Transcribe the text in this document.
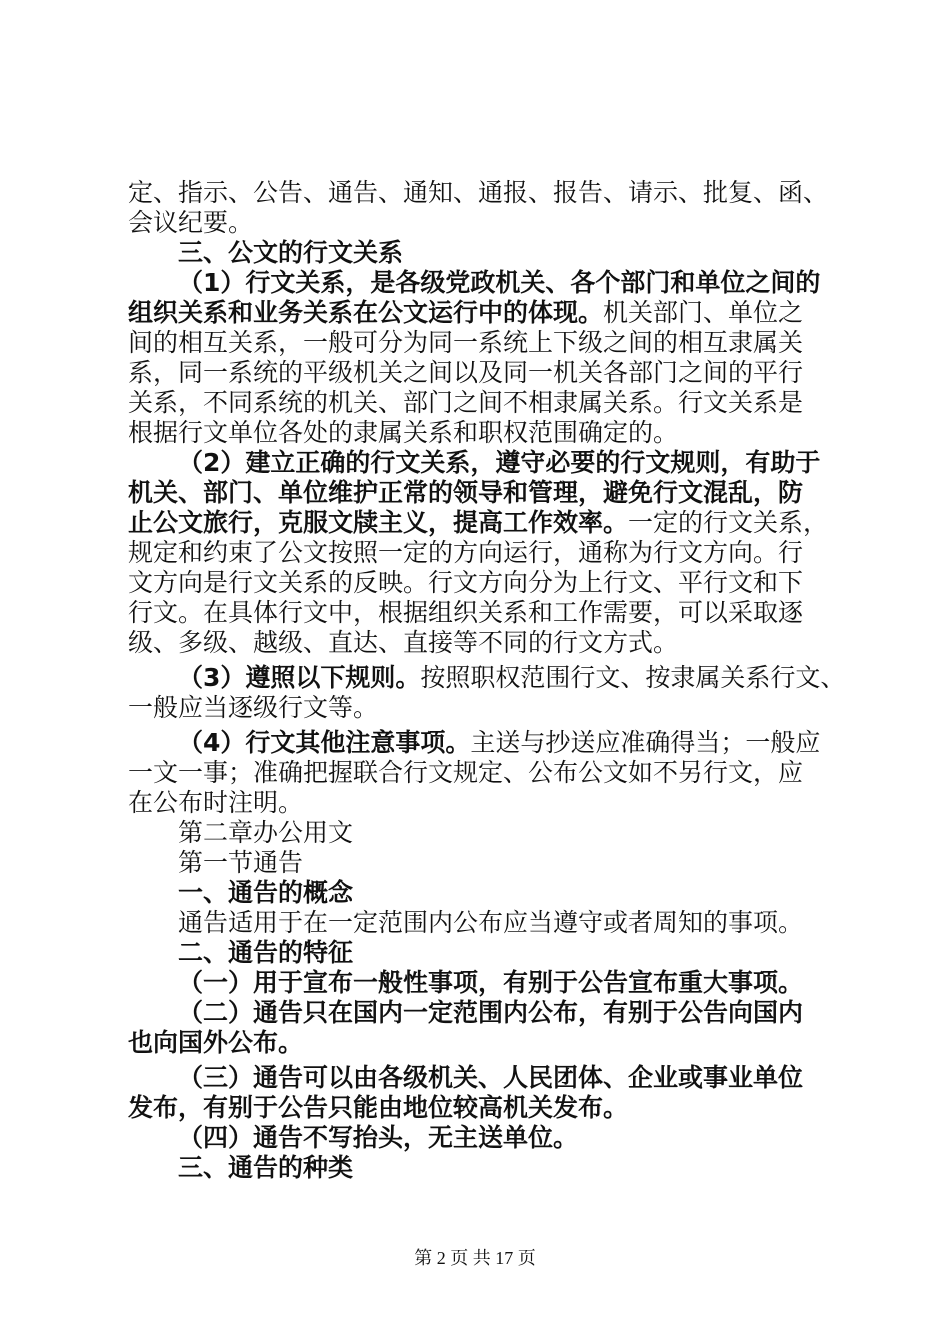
定、指示、公告、通告、通知、通报、报告、请示、批复、函、
会议纪要。
三、公文的行文关系
（1）行文关系，是各级党政机关、各个部门和单位之间的
组织关系和业务关系在公文运行中的体现。机关部门、单位之
间的相互关系，一般可分为同一系统上下级之间的相互隶属关
系，同一系统的平级机关之间以及同一机关各部门之间的平行
关系，不同系统的机关、部门之间不相隶属关系。行文关系是
根据行文单位各处的隶属关系和职权范围确定的。
（2）建立正确的行文关系，遵守必要的行文规则，有助于
机关、部门、单位维护正常的领导和管理，避免行文混乱，防
止公文旅行，克服文牍主义，提高工作效率。一定的行文关系，
规定和约束了公文按照一定的方向运行，通称为行文方向。行
文方向是行文关系的反映。行文方向分为上行文、平行文和下
行文。在具体行文中，根据组织关系和工作需要，可以采取逐
级、多级、越级、直达、直接等不同的行文方式。
（3）遵照以下规则。按照职权范围行文、按隶属关系行文、
一般应当逐级行文等。
（4）行文其他注意事项。主送与抄送应准确得当；一般应
一文一事；准确把握联合行文规定、公布公文如不另行文，应
在公布时注明。
第二章办公用文
第一节通告
一、通告的概念
通告适用于在一定范围内公布应当遵守或者周知的事项。
二、通告的特征
（一）用于宣布一般性事项，有别于公告宣布重大事项。
（二）通告只在国内一定范围内公布，有别于公告向国内
也向国外公布。
（三）通告可以由各级机关、人民团体、企业或事业单位
发布，有别于公告只能由地位较高机关发布。
（四）通告不写抬头，无主送单位。
三、通告的种类
第 2 页 共 17 页
